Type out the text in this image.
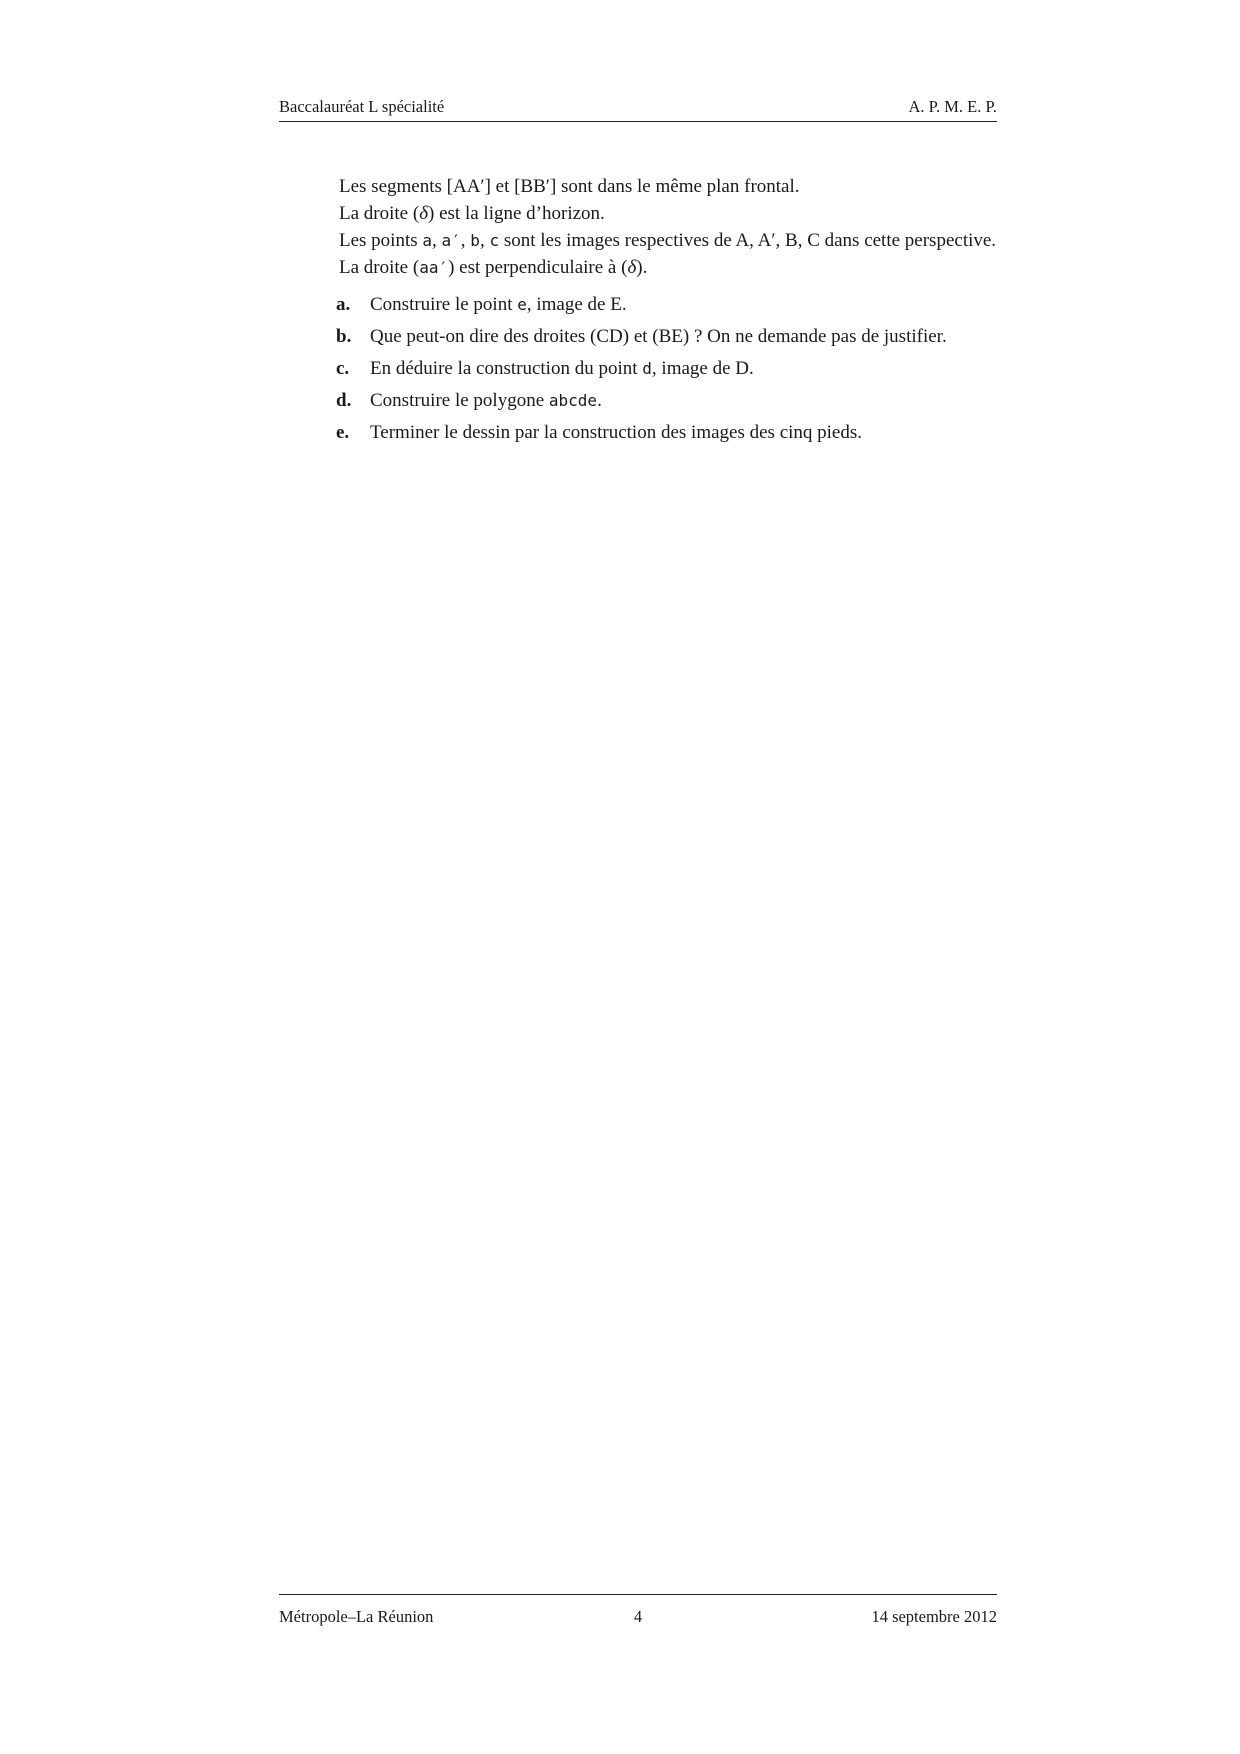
Baccalauréat L spécialité	A. P. M. E. P.

Les segments [AA′] et [BB′] sont dans le même plan frontal.

La droite (δ) est la ligne d’horizon.

Les points a, a′, b, c sont les images respectives de A, A′, B, C dans cette perspective.

La droite (aa′) est perpendiculaire à (δ).

a. Construire le point e, image de E.
b. Que peut-on dire des droites (CD) et (BE) ? On ne demande pas de justifier.
c. En déduire la construction du point d, image de D.
d. Construire le polygone abcde.
e. Terminer le dessin par la construction des images des cinq pieds.
Métropole–La Réunion	4	14 septembre 2012
